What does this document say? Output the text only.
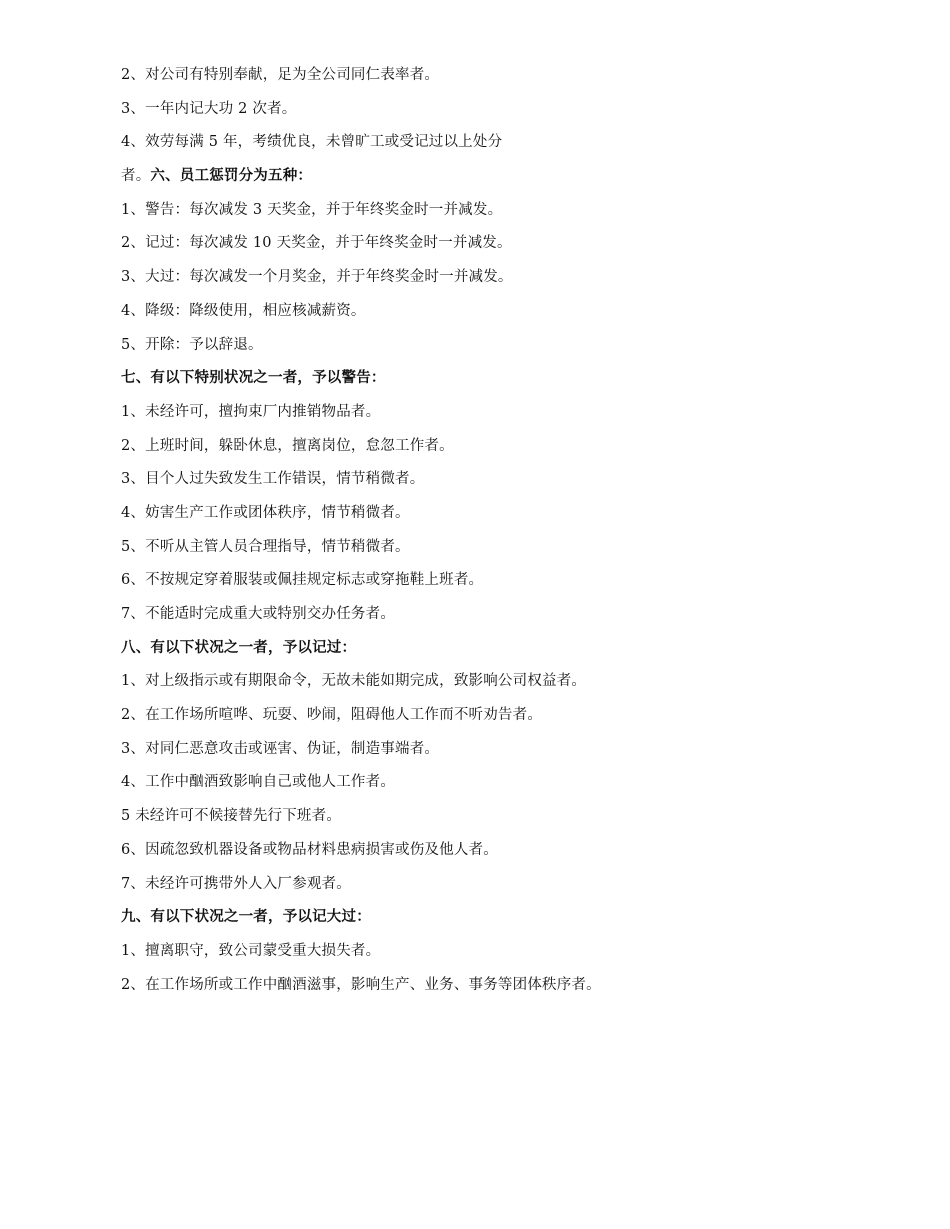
2、对公司有特别奉献，足为全公司同仁表率者。
3、一年内记大功 2 次者。
4、效劳每满 5 年，考绩优良，未曾旷工或受记过以上处分
者。六、员工惩罚分为五种：
1、警告：每次减发 3 天奖金，并于年终奖金时一并减发。
2、记过：每次减发 10 天奖金，并于年终奖金时一并减发。
3、大过：每次减发一个月奖金，并于年终奖金时一并减发。
4、降级：降级使用，相应核减薪资。
5、开除：予以辞退。
七、有以下特别状况之一者，予以警告：
1、未经许可，擅拘束厂内推销物品者。
2、上班时间，躲卧休息，擅离岗位，怠忽工作者。
3、目个人过失致发生工作错误，情节稍微者。
4、妨害生产工作或团体秩序，情节稍微者。
5、不听从主管人员合理指导，情节稍微者。
6、不按规定穿着服装或佩挂规定标志或穿拖鞋上班者。
7、不能适时完成重大或特别交办任务者。
八、有以下状况之一者，予以记过：
1、对上级指示或有期限命令，无故未能如期完成，致影响公司权益者。
2、在工作场所喧哗、玩耍、吵闹，阻碍他人工作而不听劝告者。
3、对同仁恶意攻击或诬害、伪证，制造事端者。
4、工作中酗酒致影响自己或他人工作者。
5 未经许可不候接替先行下班者。
6、因疏忽致机器设备或物品材料患病损害或伤及他人者。
7、未经许可携带外人入厂参观者。
九、有以下状况之一者，予以记大过：
1、擅离职守，致公司蒙受重大损失者。
2、在工作场所或工作中酗酒滋事，影响生产、业务、事务等团体秩序者。
